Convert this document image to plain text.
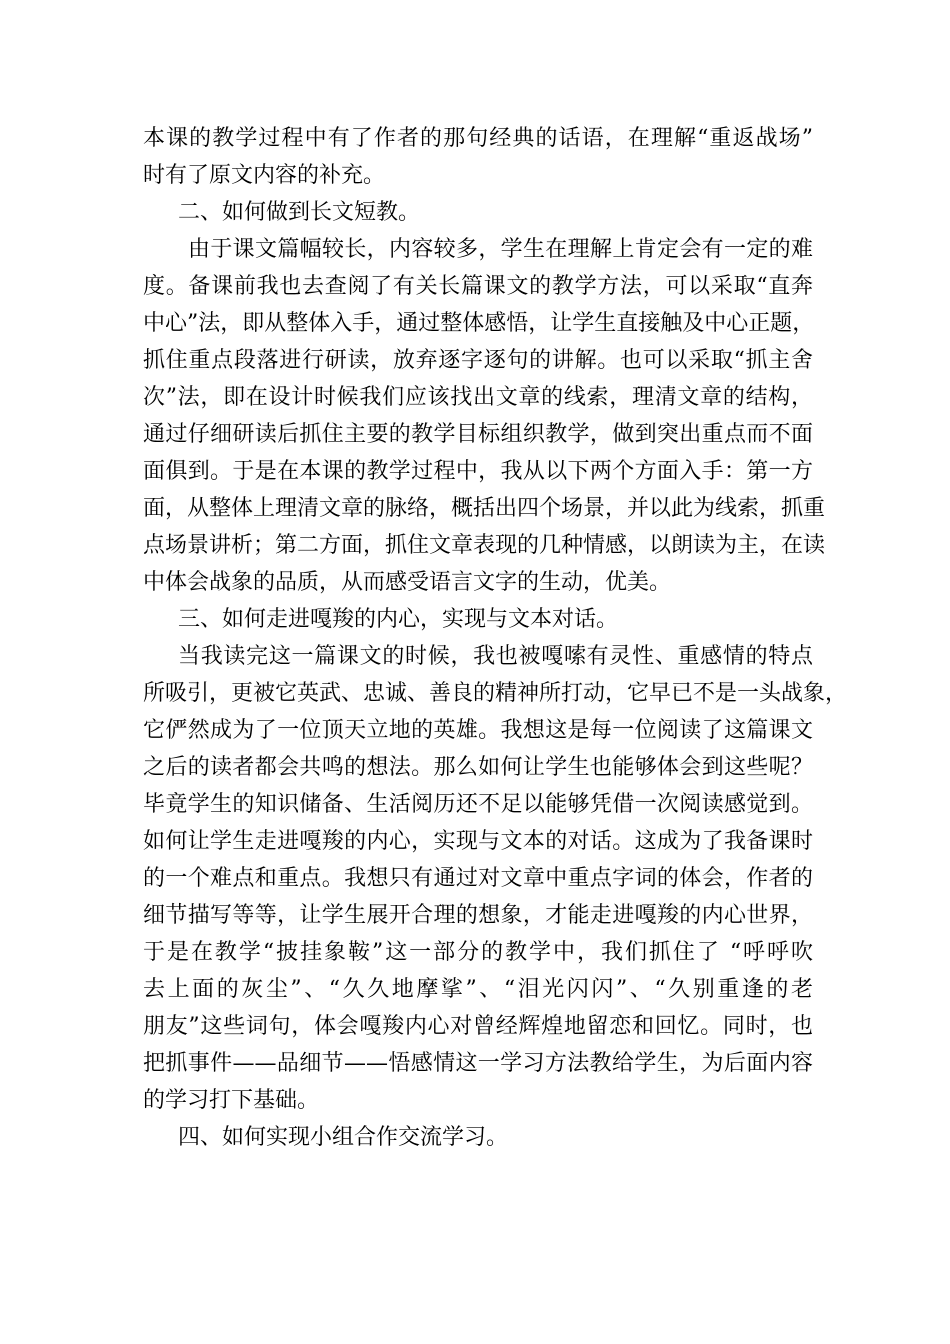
本课的教学过程中有了作者的那句经典的话语，在理解“重返战场”
时有了原文内容的补充。
二、如何做到长文短教。
由于课文篇幅较长，内容较多，学生在理解上肯定会有一定的难
度。备课前我也去查阅了有关长篇课文的教学方法，可以采取“直奔
中心”法，即从整体入手，通过整体感悟，让学生直接触及中心正题，
抓住重点段落进行研读，放弃逐字逐句的讲解。也可以采取“抓主舍
次”法，即在设计时候我们应该找出文章的线索，理清文章的结构，
通过仔细研读后抓住主要的教学目标组织教学，做到突出重点而不面
面俱到。于是在本课的教学过程中，我从以下两个方面入手：第一方
面，从整体上理清文章的脉络，概括出四个场景，并以此为线索，抓重
点场景讲析；第二方面，抓住文章表现的几种情感，以朗读为主，在读
中体会战象的品质，从而感受语言文字的生动，优美。
三、如何走进嘎羧的内心，实现与文本对话。
当我读完这一篇课文的时候，我也被嘎嗦有灵性、重感情的特点
所吸引，更被它英武、忠诚、善良的精神所打动，它早已不是一头战象，
它俨然成为了一位顶天立地的英雄。我想这是每一位阅读了这篇课文
之后的读者都会共鸣的想法。那么如何让学生也能够体会到这些呢？
毕竟学生的知识储备、生活阅历还不足以能够凭借一次阅读感觉到。
如何让学生走进嘎羧的内心，实现与文本的对话。这成为了我备课时
的一个难点和重点。我想只有通过对文章中重点字词的体会，作者的
细节描写等等，让学生展开合理的想象，才能走进嘎羧的内心世界，
于是在教学“披挂象鞍”这一部分的教学中，我们抓住了 “呼呼吹
去上面的灰尘”、“久久地摩挲”、“泪光闪闪”、“久别重逢的老
朋友”这些词句，体会嘎羧内心对曾经辉煌地留恋和回忆。同时，也
把抓事件——品细节——悟感情这一学习方法教给学生，为后面内容
的学习打下基础。
四、如何实现小组合作交流学习。
